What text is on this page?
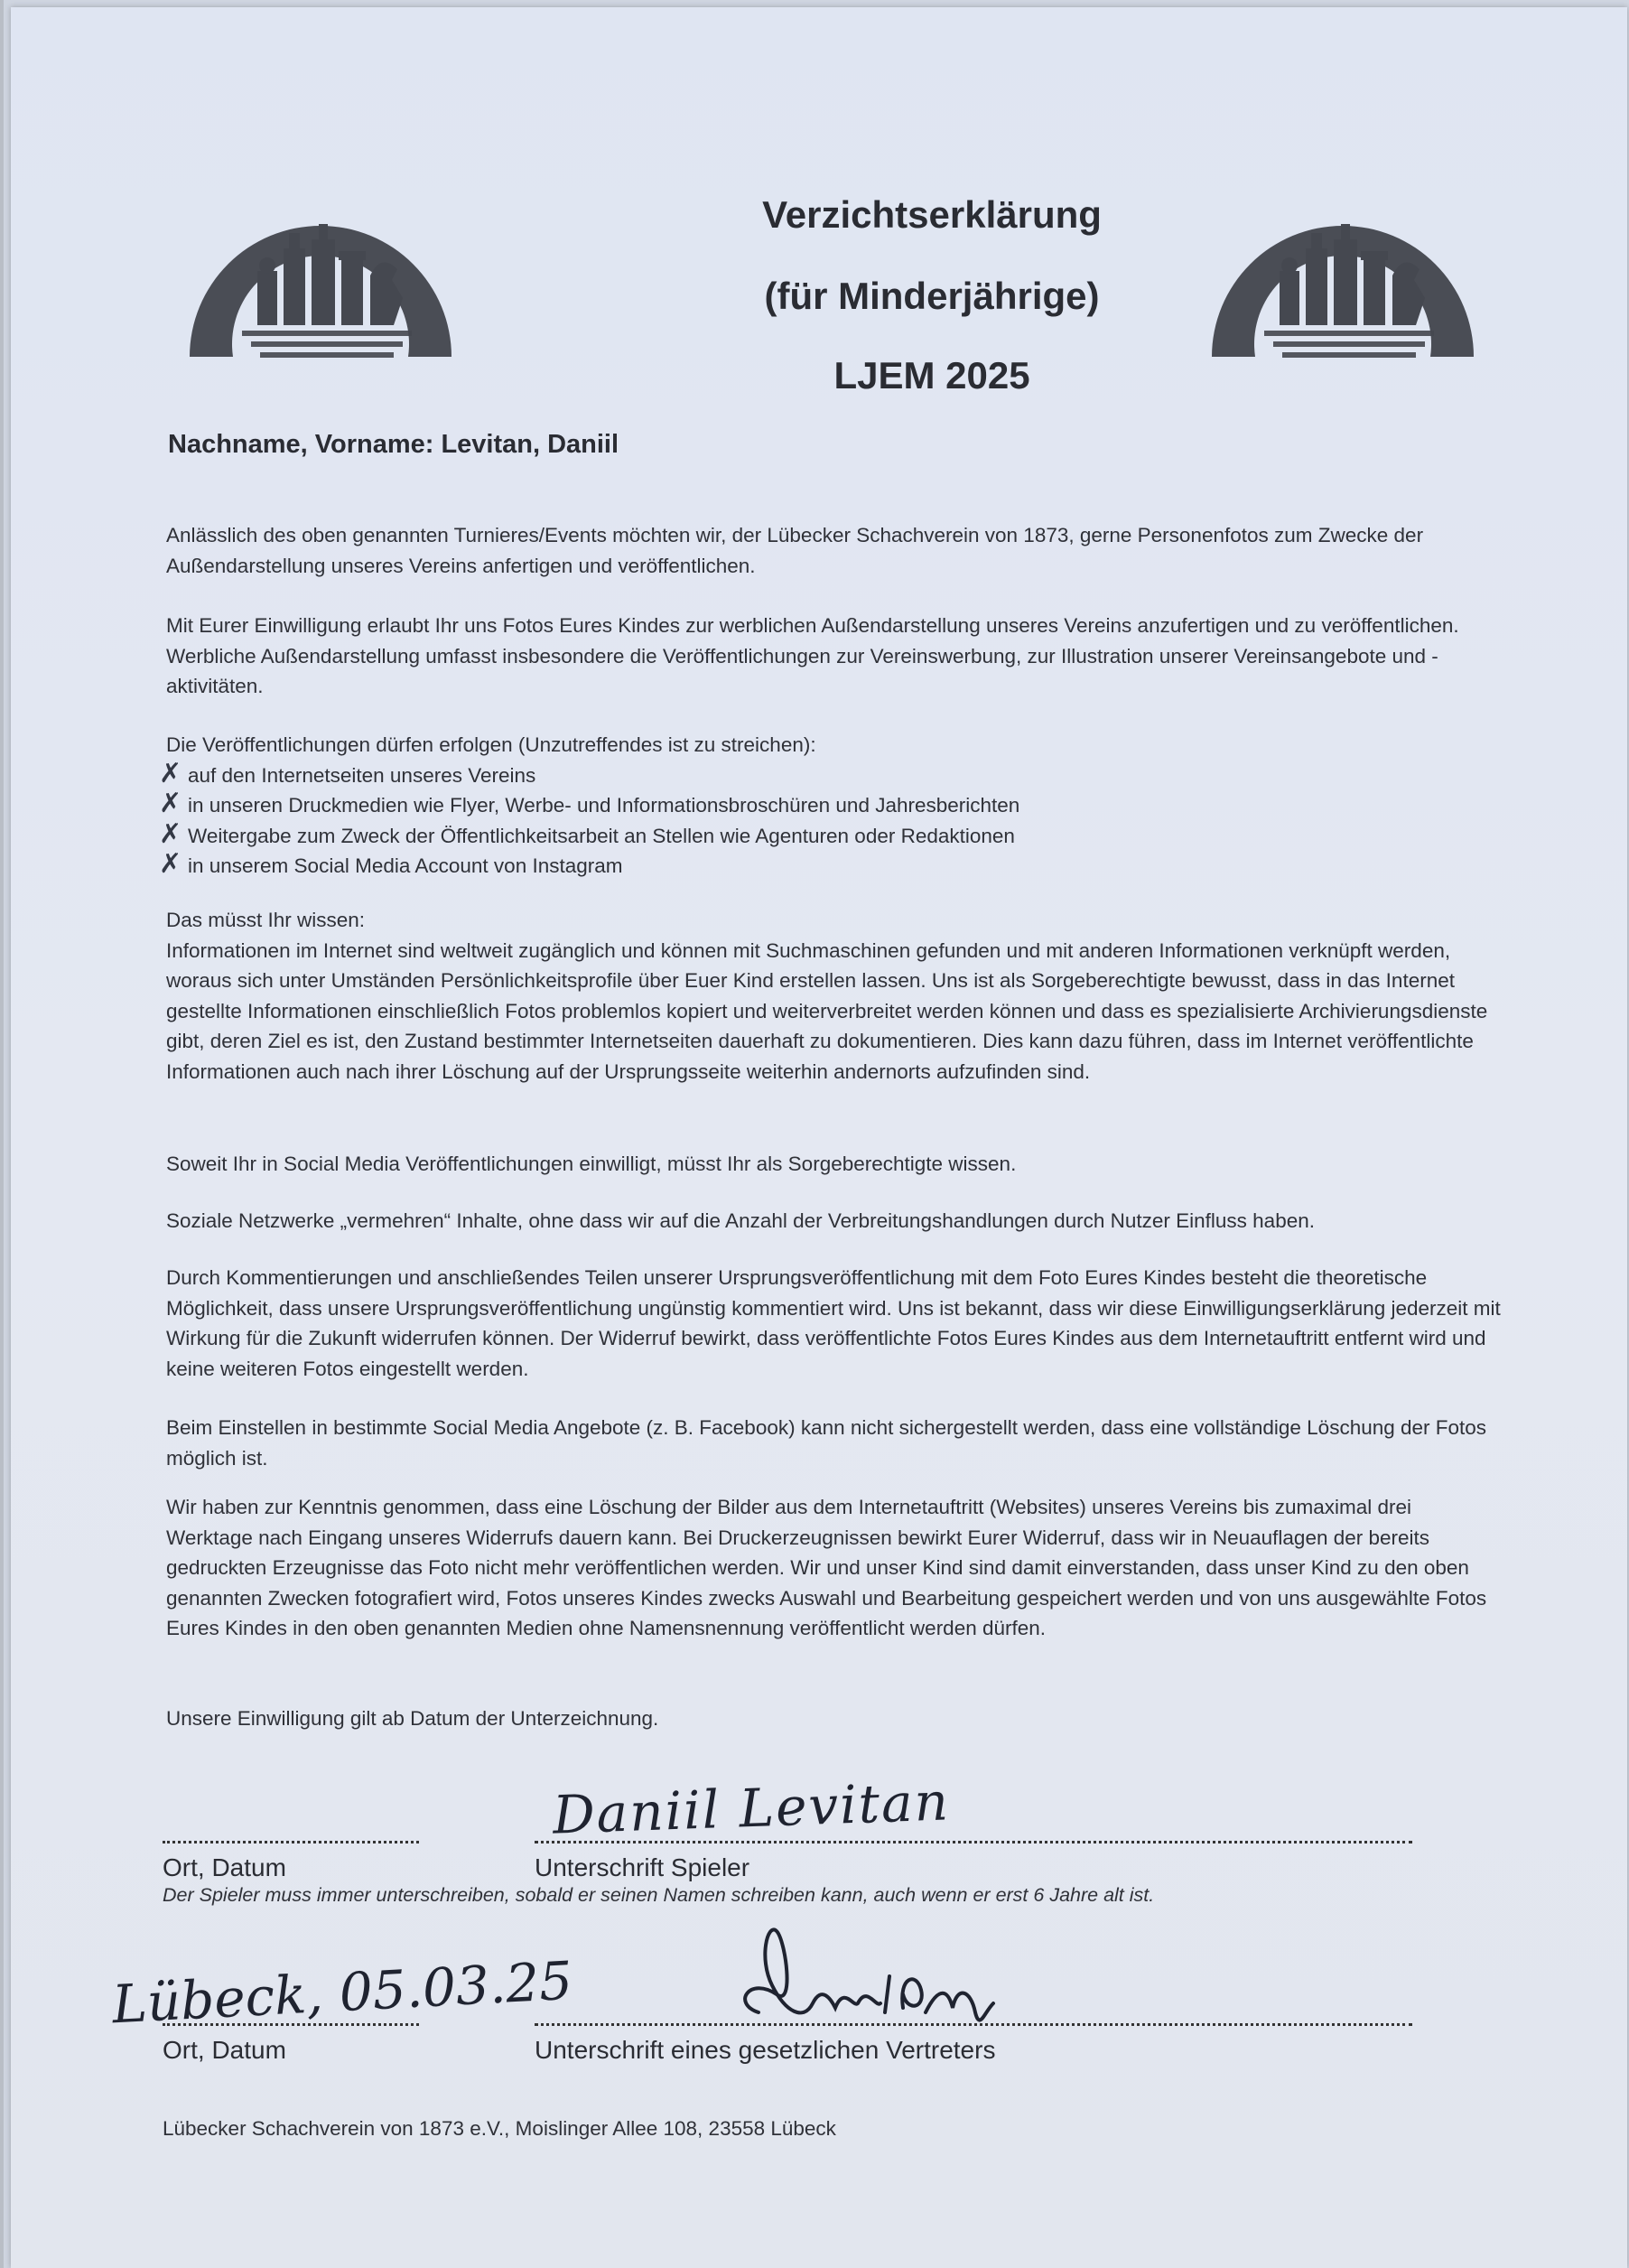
Verzichtserklärung
(für Minderjährige)
LJEM 2025
Nachname, Vorname: Levitan, Daniil
Anlässlich des oben genannten Turnieres/Events möchten wir, der Lübecker Schachverein von 1873, gerne Personenfotos zum Zwecke der Außendarstellung unseres Vereins anfertigen und veröffentlichen.
Mit Eurer Einwilligung erlaubt Ihr uns Fotos Eures Kindes zur werblichen Außendarstellung unseres Vereins anzufertigen und zu veröffentlichen. Werbliche Außendarstellung umfasst insbesondere die Veröffentlichungen zur Vereinswerbung, zur Illustration unserer Vereinsangebote und -aktivitäten.
Die Veröffentlichungen dürfen erfolgen (Unzutreffendes ist zu streichen):
✗ auf den Internetseiten unseres Vereins
✗ in unseren Druckmedien wie Flyer, Werbe- und Informationsbroschüren und Jahresberichten
✗ Weitergabe zum Zweck der Öffentlichkeitsarbeit an Stellen wie Agenturen oder Redaktionen
✗ in unserem Social Media Account von Instagram
Das müsst Ihr wissen:
Informationen im Internet sind weltweit zugänglich und können mit Suchmaschinen gefunden und mit anderen Informationen verknüpft werden, woraus sich unter Umständen Persönlichkeitsprofile über Euer Kind erstellen lassen. Uns ist als Sorgeberechtigte bewusst, dass in das Internet gestellte Informationen einschließlich Fotos problemlos kopiert und weiterverbreitet werden können und dass es spezialisierte Archivierungsdienste gibt, deren Ziel es ist, den Zustand bestimmter Internetseiten dauerhaft zu dokumentieren. Dies kann dazu führen, dass im Internet veröffentlichte Informationen auch nach ihrer Löschung auf der Ursprungsseite weiterhin andernorts aufzufinden sind.
Soweit Ihr in Social Media Veröffentlichungen einwilligt, müsst Ihr als Sorgeberechtigte wissen.
Soziale Netzwerke „vermehren“ Inhalte, ohne dass wir auf die Anzahl der Verbreitungshandlungen durch Nutzer Einfluss haben.
Durch Kommentierungen und anschließendes Teilen unserer Ursprungsveröffentlichung mit dem Foto Eures Kindes besteht die theoretische Möglichkeit, dass unsere Ursprungsveröffentlichung ungünstig kommentiert wird. Uns ist bekannt, dass wir diese Einwilligungserklärung jederzeit mit Wirkung für die Zukunft widerrufen können. Der Widerruf bewirkt, dass veröffentlichte Fotos Eures Kindes aus dem Internetauftritt entfernt wird und keine weiteren Fotos eingestellt werden.
Beim Einstellen in bestimmte Social Media Angebote (z. B. Facebook) kann nicht sichergestellt werden, dass eine vollständige Löschung der Fotos möglich ist.
Wir haben zur Kenntnis genommen, dass eine Löschung der Bilder aus dem Internetauftritt (Websites) unseres Vereins bis zumaximal drei Werktage nach Eingang unseres Widerrufs dauern kann. Bei Druckerzeugnissen bewirkt Eurer Widerruf, dass wir in Neuauflagen der bereits gedruckten Erzeugnisse das Foto nicht mehr veröffentlichen werden. Wir und unser Kind sind damit einverstanden, dass unser Kind zu den oben genannten Zwecken fotografiert wird, Fotos unseres Kindes zwecks Auswahl und Bearbeitung gespeichert werden und von uns ausgewählte Fotos Eures Kindes in den oben genannten Medien ohne Namensnennung veröffentlicht werden dürfen.
Unsere Einwilligung gilt ab Datum der Unterzeichnung.
Daniil Levitan
Ort, Datum	Unterschrift Spieler
Der Spieler muss immer unterschreiben, sobald er seinen Namen schreiben kann, auch wenn er erst 6 Jahre alt ist.
Lübeck, 05.03.25
Ort, Datum	Unterschrift eines gesetzlichen Vertreters
Lübecker Schachverein von 1873 e.V., Moislinger Allee 108, 23558 Lübeck
